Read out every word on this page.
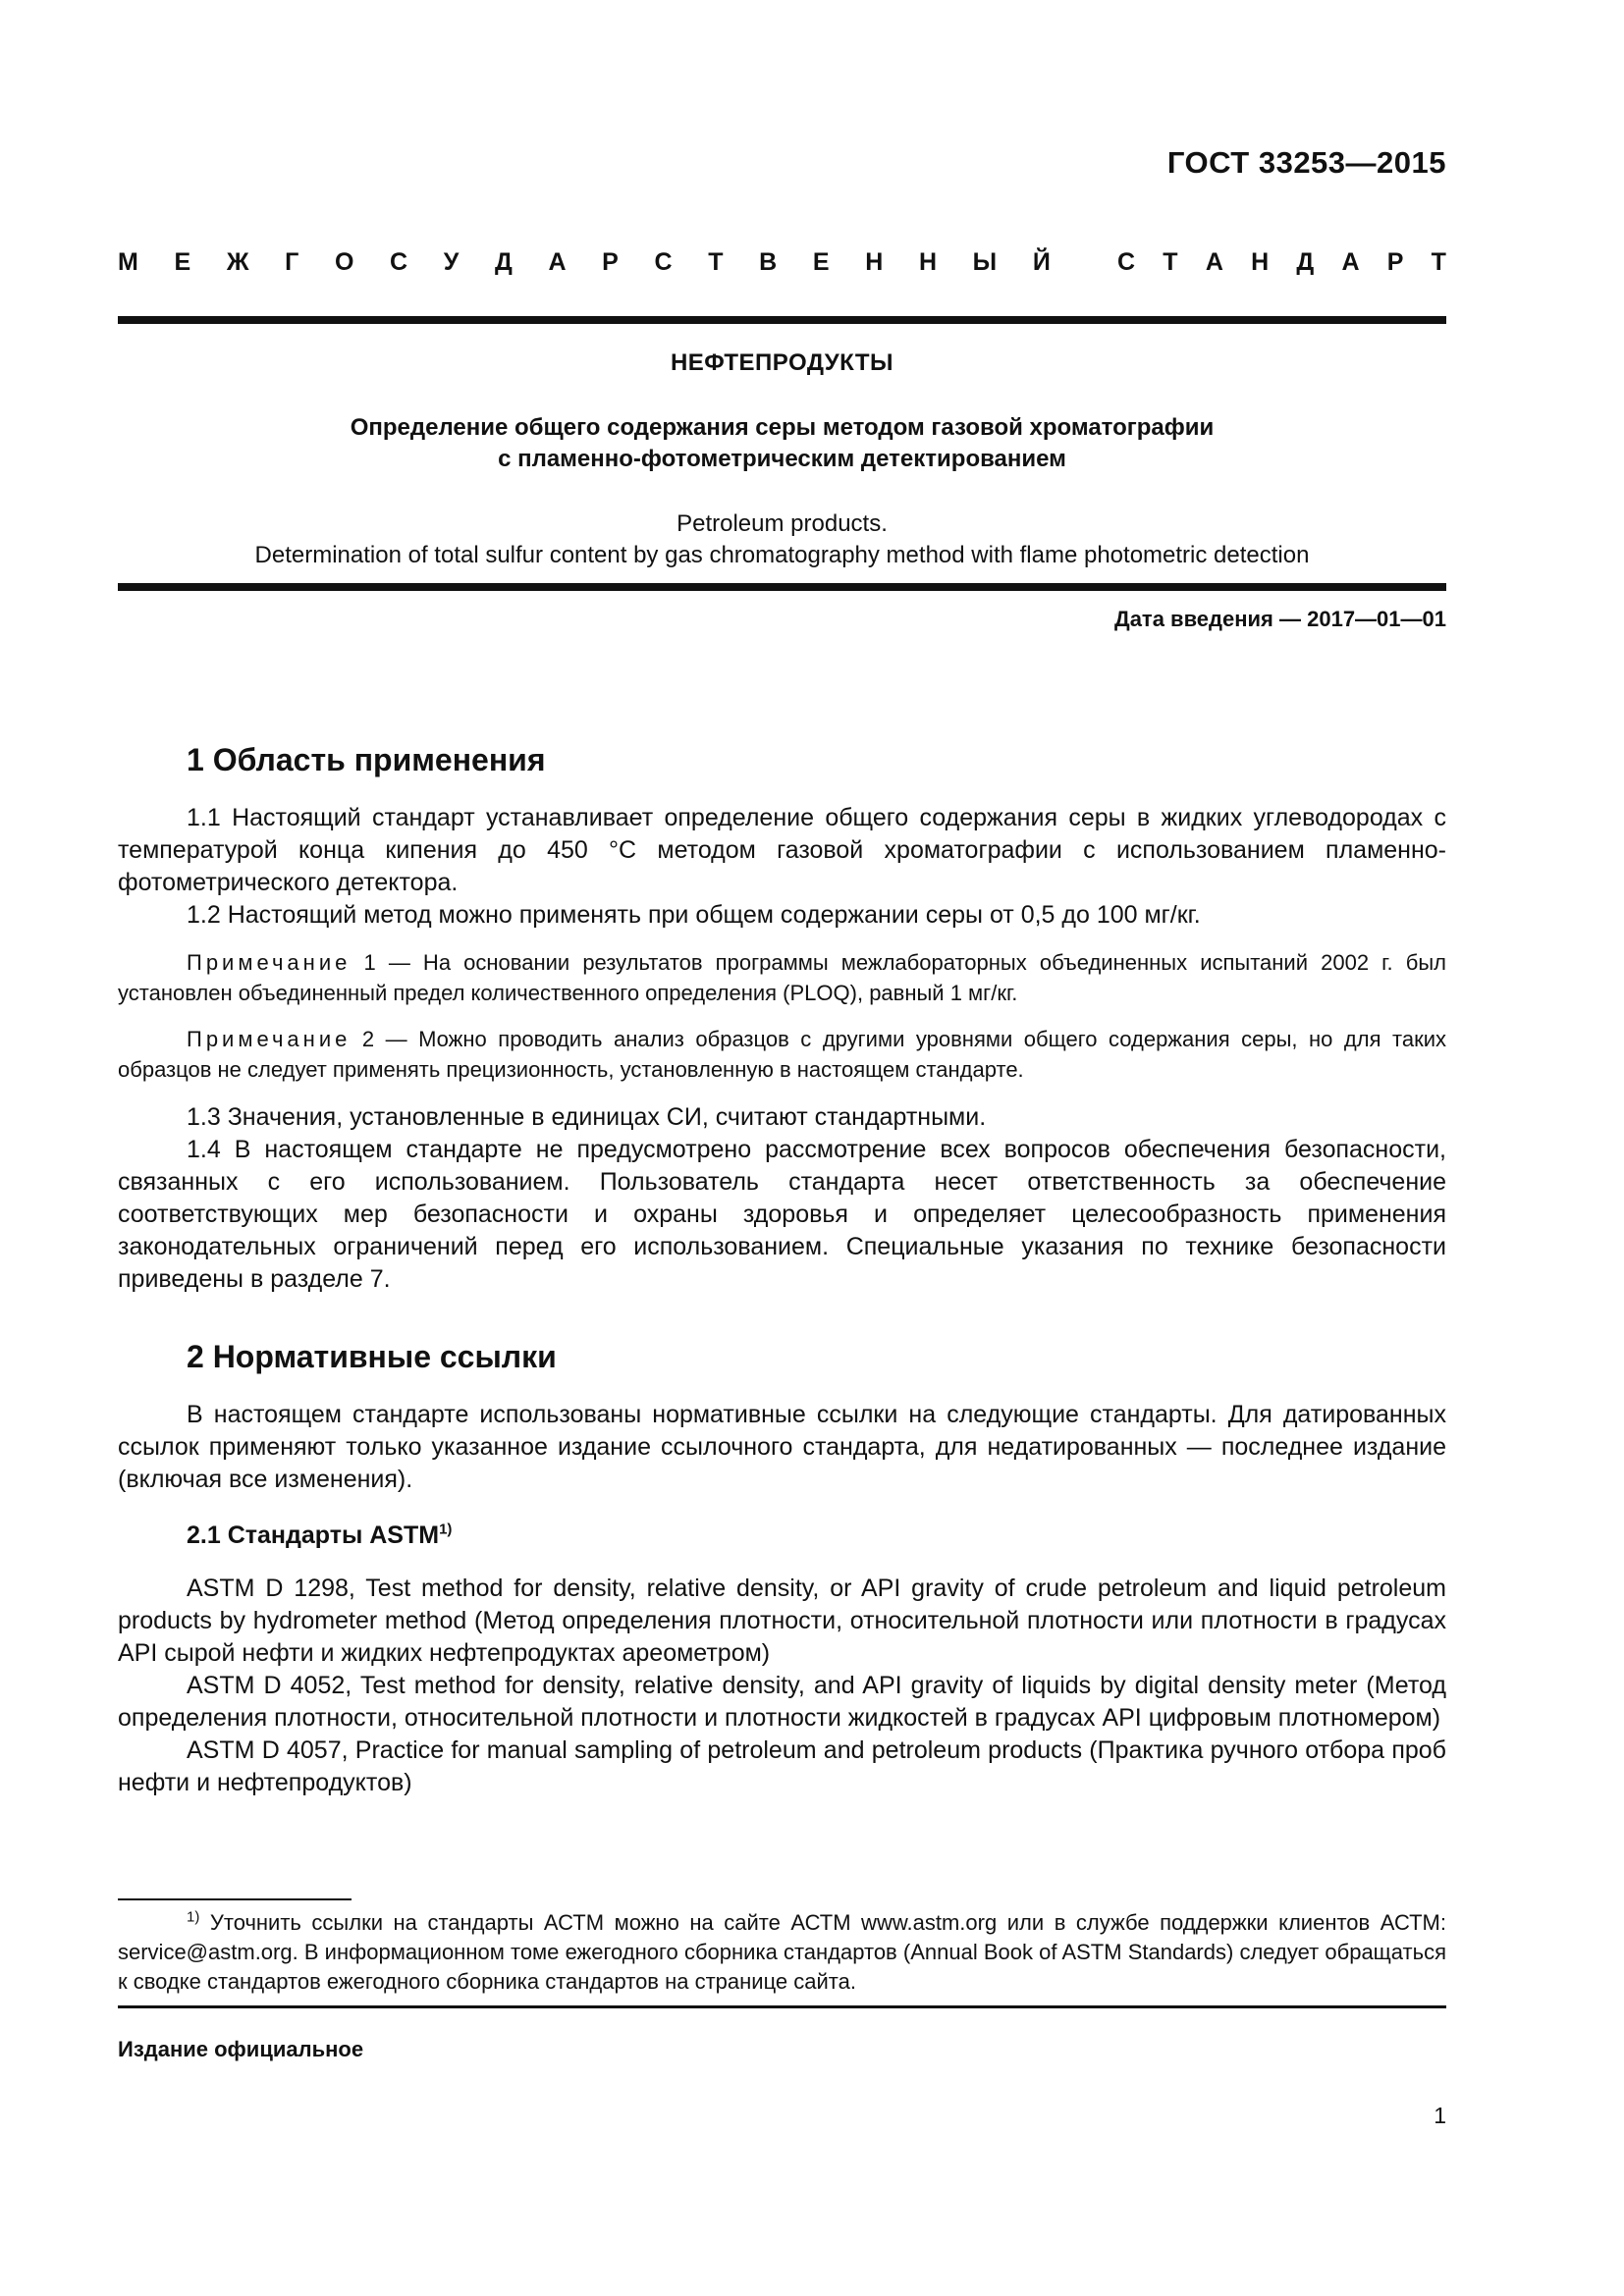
ГОСТ 33253—2015
М Е Ж Г О С У Д А Р С Т В Е Н Н Ы Й	С Т А Н Д А Р Т
НЕФТЕПРОДУКТЫ
Определение общего содержания серы методом газовой хроматографии
с пламенно-фотометрическим детектированием
Petroleum products.
Determination of total sulfur content by gas chromatography method with flame photometric detection
Дата введения — 2017—01—01
1 Область применения

1.1 Настоящий стандарт устанавливает определение общего содержания серы в жидких углеводородах с температурой конца кипения до 450 °С методом газовой хроматографии с использованием пламенно-фотометрического детектора.

1.2 Настоящий метод можно применять при общем содержании серы от 0,5 до 100 мг/кг.

Примечание 1 — На основании результатов программы межлабораторных объединенных испытаний 2002 г. был установлен объединенный предел количественного определения (PLOQ), равный 1 мг/кг.

Примечание 2 — Можно проводить анализ образцов с другими уровнями общего содержания серы, но для таких образцов не следует применять прецизионность, установленную в настоящем стандарте.

1.3 Значения, установленные в единицах СИ, считают стандартными.

1.4 В настоящем стандарте не предусмотрено рассмотрение всех вопросов обеспечения безопасности, связанных с его использованием. Пользователь стандарта несет ответственность за обеспечение соответствующих мер безопасности и охраны здоровья и определяет целесообразность применения законодательных ограничений перед его использованием. Специальные указания по технике безопасности приведены в разделе 7.

2 Нормативные ссылки

В настоящем стандарте использованы нормативные ссылки на следующие стандарты. Для датированных ссылок применяют только указанное издание ссылочного стандарта, для недатированных — последнее издание (включая все изменения).

2.1 Стандарты ASTM$^{1)}$

ASTM D 1298, Test method for density, relative density, or API gravity of crude petroleum and liquid petroleum products by hydrometer method (Метод определения плотности, относительной плотности или плотности в градусах API сырой нефти и жидких нефтепродуктах ареометром)

ASTM D 4052, Test method for density, relative density, and API gravity of liquids by digital density meter (Метод определения плотности, относительной плотности и плотности жидкостей в градусах API цифровым плотномером)

ASTM D 4057, Practice for manual sampling of petroleum and petroleum products (Практика ручного отбора проб нефти и нефтепродуктов)

$^{1)}$ Уточнить ссылки на стандарты АСТМ можно на сайте АСТМ www.astm.org или в службе поддержки клиентов АСТМ: service@astm.org. В информационном томе ежегодного сборника стандартов (Annual Book of ASTM Standards) следует обращаться к сводке стандартов ежегодного сборника стандартов на странице сайта.

Издание официальное
1
